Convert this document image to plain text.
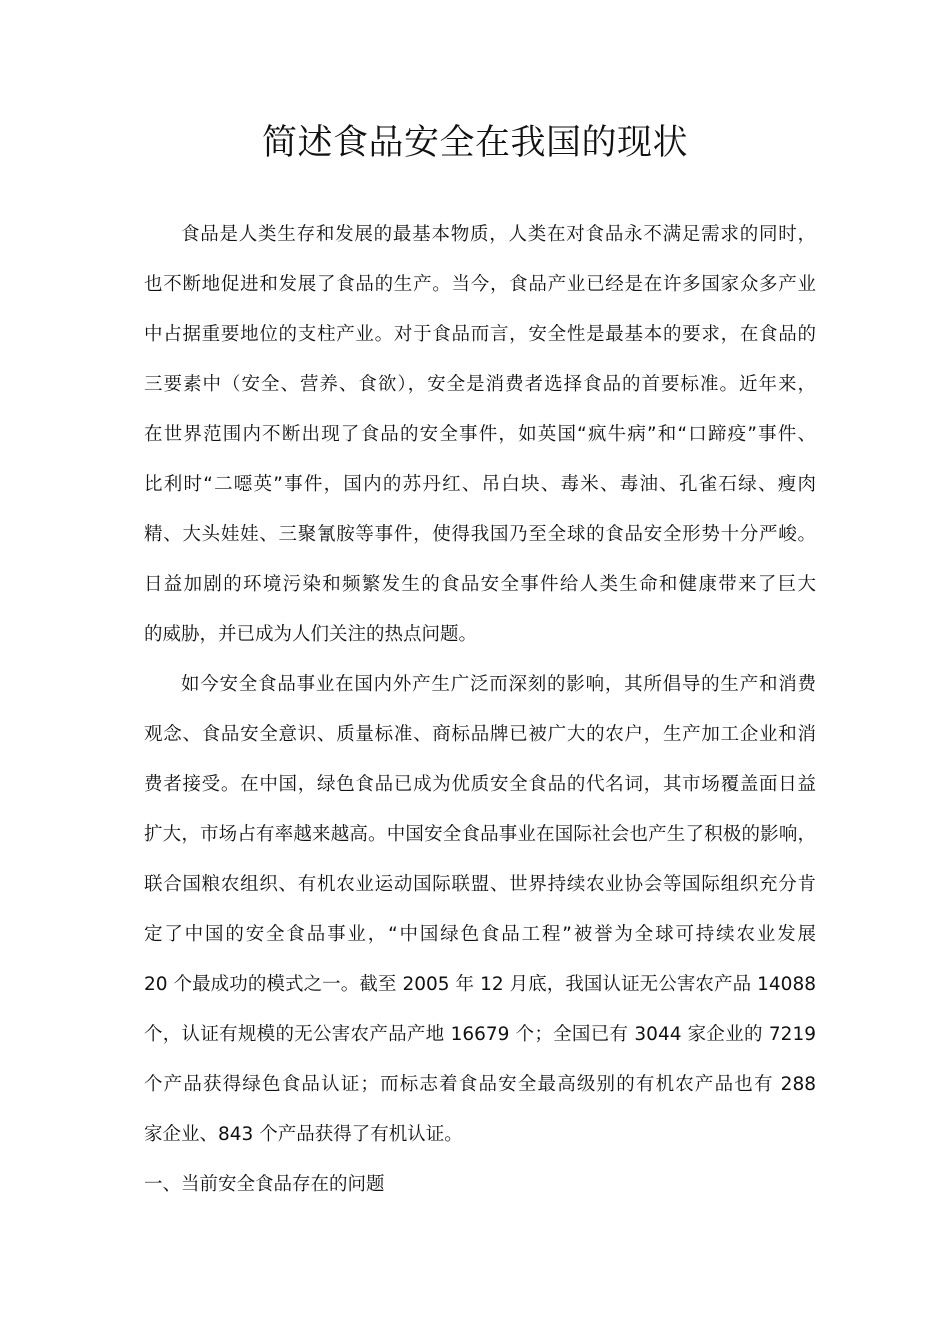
简述食品安全在我国的现状
食品是人类生存和发展的最基本物质，人类在对食品永不满足需求的同时，
也不断地促进和发展了食品的生产。当今，食品产业已经是在许多国家众多产业
中占据重要地位的支柱产业。对于食品而言，安全性是最基本的要求，在食品的
三要素中（安全、营养、食欲），安全是消费者选择食品的首要标准。近年来，
在世界范围内不断出现了食品的安全事件，如英国“疯牛病”和“口蹄疫”事件、
比利时“二噁英”事件，国内的苏丹红、吊白块、毒米、毒油、孔雀石绿、瘦肉
精、大头娃娃、三聚氰胺等事件，使得我国乃至全球的食品安全形势十分严峻。
日益加剧的环境污染和频繁发生的食品安全事件给人类生命和健康带来了巨大
的威胁，并已成为人们关注的热点问题。
如今安全食品事业在国内外产生广泛而深刻的影响，其所倡导的生产和消费
观念、食品安全意识、质量标准、商标品牌已被广大的农户，生产加工企业和消
费者接受。在中国，绿色食品已成为优质安全食品的代名词，其市场覆盖面日益
扩大，市场占有率越来越高。中国安全食品事业在国际社会也产生了积极的影响，
联合国粮农组织、有机农业运动国际联盟、世界持续农业协会等国际组织充分肯
定了中国的安全食品事业，“中国绿色食品工程”被誉为全球可持续农业发展
20 个最成功的模式之一。截至 2005 年 12 月底，我国认证无公害农产品 14088
个，认证有规模的无公害农产品产地 16679 个；全国已有 3044 家企业的 7219
个产品获得绿色食品认证；而标志着食品安全最高级别的有机农产品也有 288
家企业、843 个产品获得了有机认证。
一、当前安全食品存在的问题
